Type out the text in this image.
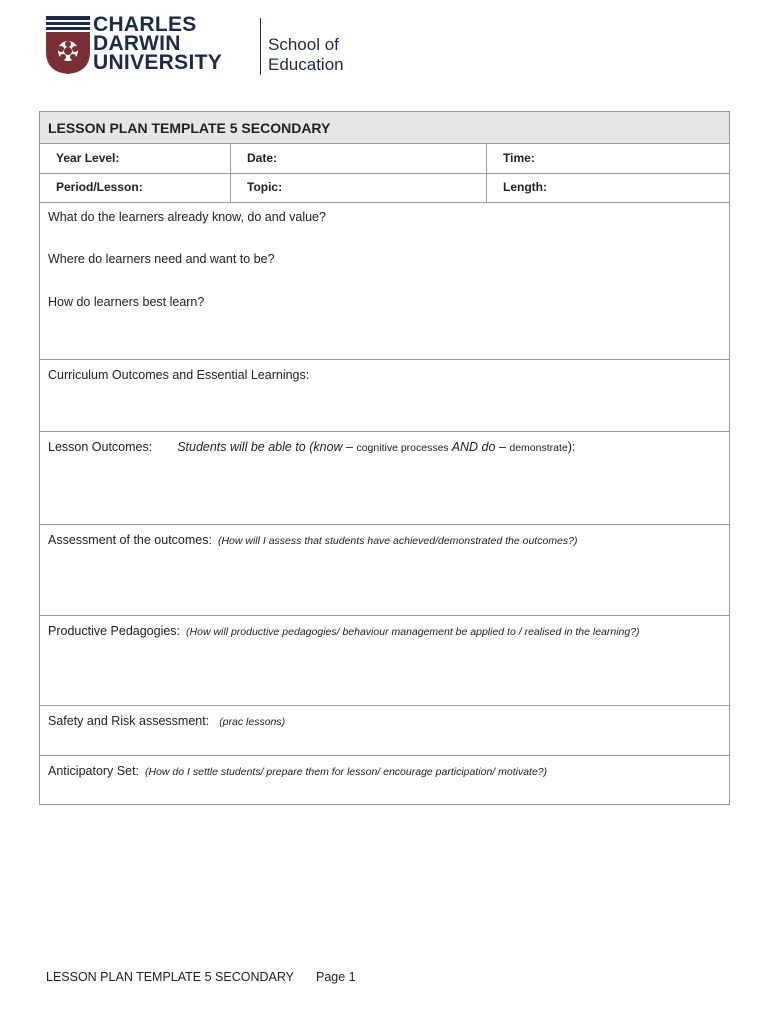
CHARLES
DARWIN
UNIVERSITY
School of
Education
LESSON PLAN TEMPLATE 5 SECONDARY
Year Level:	Date:	Time:
Period/Lesson:	Topic:	Length:
What do the learners already know, do and value?
Where do learners need and want to be?
How do learners best learn?
Curriculum Outcomes and Essential Learnings:
Lesson Outcomes: Students will be able to (know – cognitive processes AND do – demonstrate):
Assessment of the outcomes: (How will I assess that students have achieved/demonstrated the outcomes?)
Productive Pedagogies: (How will productive pedagogies/ behaviour management be applied to / realised in the learning?)
Safety and Risk assessment: (prac lessons)
Anticipatory Set: (How do I settle students/ prepare them for lesson/ encourage participation/ motivate?)
LESSON PLAN TEMPLATE 5 SECONDARY Page 1
